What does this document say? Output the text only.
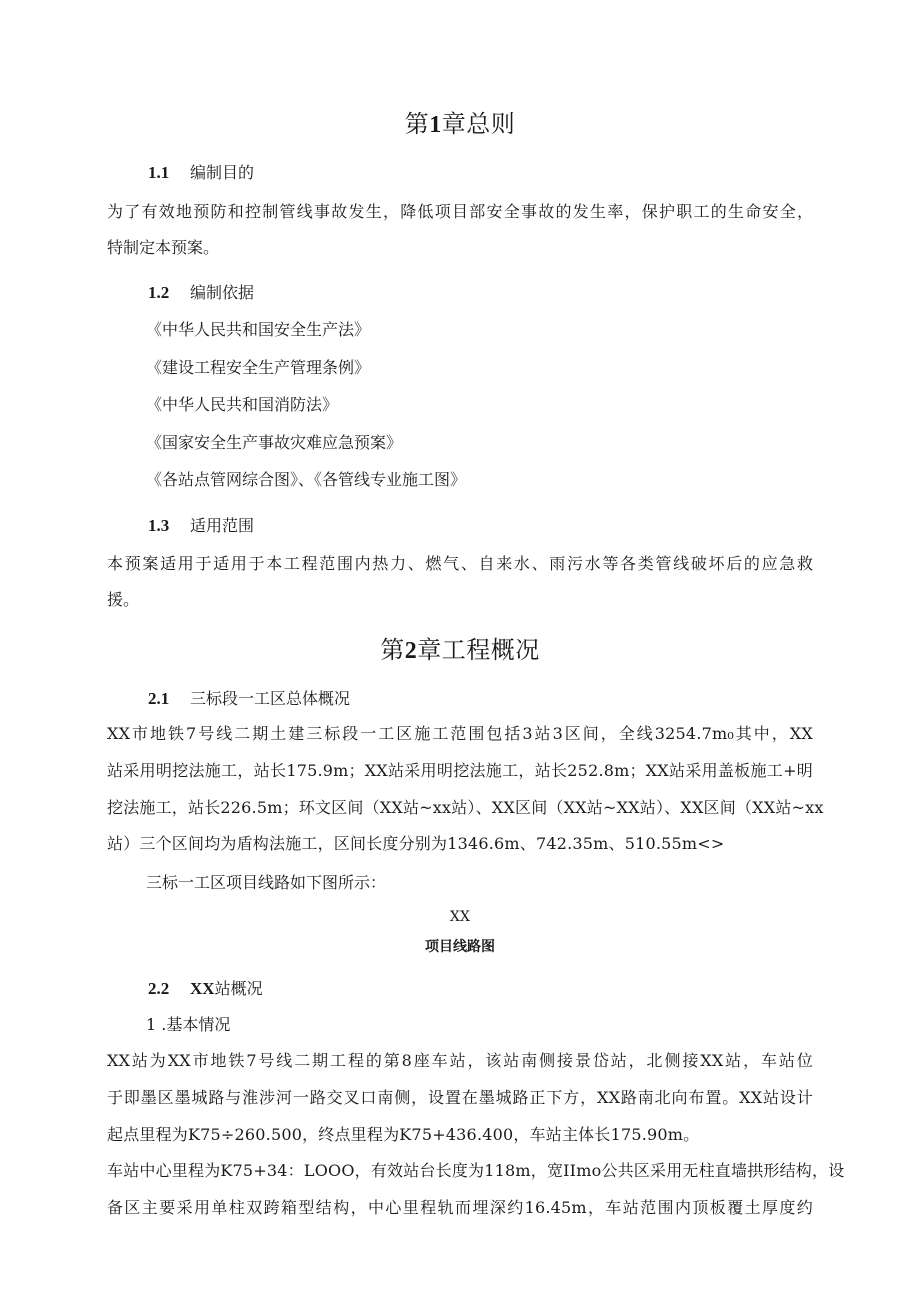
第1章总则
1.1 编制目的
为了有效地预防和控制管线事故发生，降低项目部安全事故的发生率，保护职工的生命安全，
特制定本预案。
1.2 编制依据
《中华人民共和国安全生产法》
《建设工程安全生产管理条例》
《中华人民共和国消防法》
《国家安全生产事故灾难应急预案》
《各站点管网综合图》、《各管线专业施工图》
1.3 适用范围
本预案适用于适用于本工程范围内热力、燃气、自来水、雨污水等各类管线破坏后的应急救
援。
第2章工程概况
2.1 三标段一工区总体概况
XX市地铁7号线二期土建三标段一工区施工范围包括3站3区间，全线3254.7m₀其中，XX
站采用明挖法施工，站长175.9m；XX站采用明挖法施工，站长252.8m；XX站采用盖板施工+明
挖法施工，站长226.5m；环文区间（XX站~xx站）、XX区间（XX站~XX站）、XX区间（XX站~xx
站）三个区间均为盾构法施工，区间长度分别为1346.6m、742.35m、510.55m<>
三标一工区项目线路如下图所示：
XX
项目线路图
2.2 XX站概况
1 .基本情况
XX站为XX市地铁7号线二期工程的第8座车站，该站南侧接景岱站，北侧接XX站，车站位
于即墨区墨城路与淮涉河一路交叉口南侧，设置在墨城路正下方，XX路南北向布置。XX站设计
起点里程为K75÷260.500，终点里程为K75+436.400，车站主体长175.90m。
车站中心里程为K75+34：LOOO，有效站台长度为118m，宽IImo公共区采用无柱直墙拱形结构，设
备区主要采用单柱双跨箱型结构，中心里程轨而埋深约16.45m，车站范围内顶板覆土厚度约
